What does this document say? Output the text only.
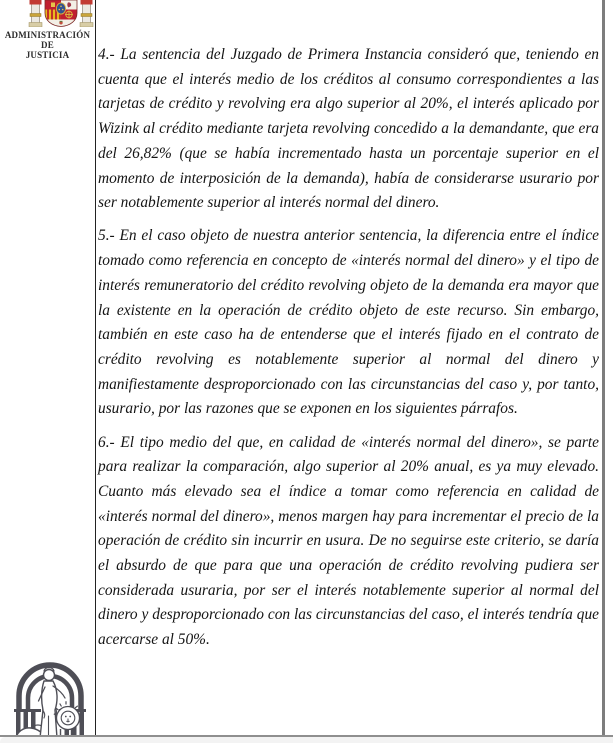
ADMINISTRACIÓN
DE
JUSTICIA	4.- La sentencia del Juzgado de Primera Instancia consideró que, teniendo en cuenta que el interés medio de los créditos al consumo correspondientes a las tarjetas de crédito y revolving era algo superior al 20%, el interés aplicado por Wizink al crédito mediante tarjeta revolving concedido a la demandante, que era del 26,82% (que se había incrementado hasta un porcentaje superior en el momento de interposición de la demanda), había de considerarse usurario por ser notablemente superior al interés normal del dinero.

5.- En el caso objeto de nuestra anterior sentencia, la diferencia entre el índice tomado como referencia en concepto de «interés normal del dinero» y el tipo de interés remuneratorio del crédito revolving objeto de la demanda era mayor que la existente en la operación de crédito objeto de este recurso. Sin embargo, también en este caso ha de entenderse que el interés fijado en el contrato de crédito revolving es notablemente superior al normal del dinero y manifiestamente desproporcionado con las circunstancias del caso y, por tanto, usurario, por las razones que se exponen en los siguientes párrafos.

6.- El tipo medio del que, en calidad de «interés normal del dinero», se parte para realizar la comparación, algo superior al 20% anual, es ya muy elevado. Cuanto más elevado sea el índice a tomar como referencia en calidad de «interés normal del dinero», menos margen hay para incrementar el precio de la operación de crédito sin incurrir en usura. De no seguirse este criterio, se daría el absurdo de que para que una operación de crédito revolving pudiera ser considerada usuraria, por ser el interés notablemente superior al normal del dinero y desproporcionado con las circunstancias del caso, el interés tendría que acercarse al 50%.
